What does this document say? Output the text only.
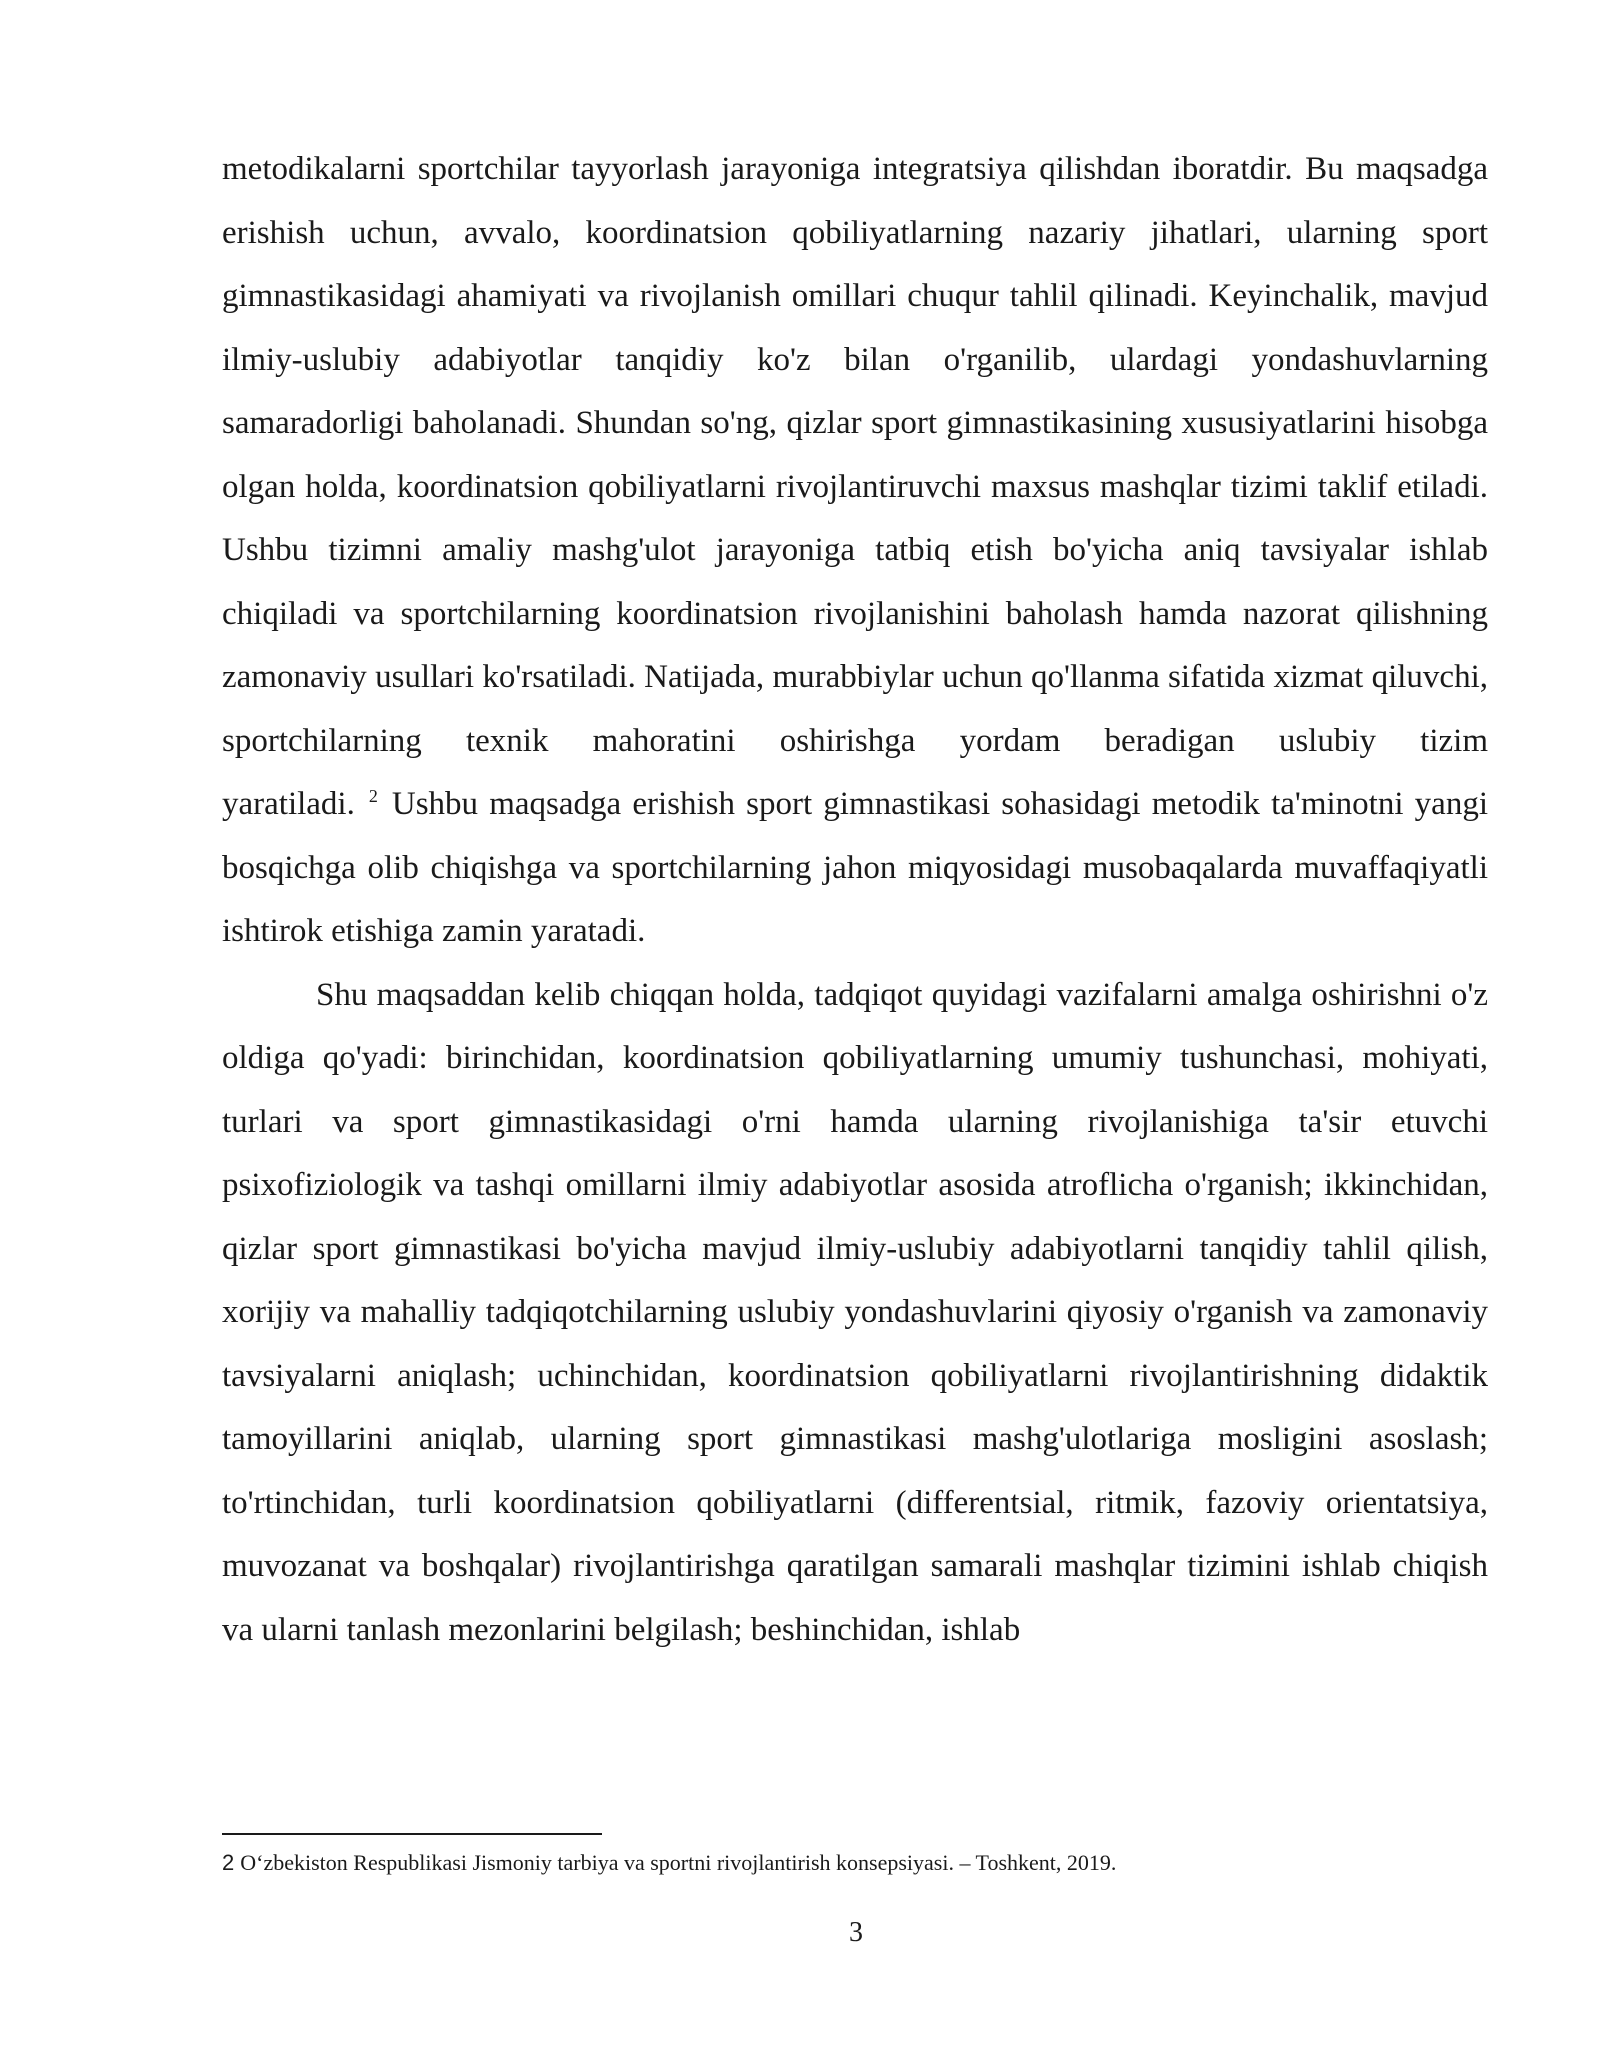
metodikalarni sportchilar tayyorlash jarayoniga integratsiya qilishdan iboratdir. Bu maqsadga erishish uchun, avvalo, koordinatsion qobiliyatlarning nazariy jihatlari, ularning sport gimnastikasidagi ahamiyati va rivojlanish omillari chuqur tahlil qilinadi. Keyinchalik, mavjud ilmiy-uslubiy adabiyotlar tanqidiy ko'z bilan o'rganilib, ulardagi yondashuvlarning samaradorligi baholanadi. Shundan so'ng, qizlar sport gimnastikasining xususiyatlarini hisobga olgan holda, koordinatsion qobiliyatlarni rivojlantiruvchi maxsus mashqlar tizimi taklif etiladi. Ushbu tizimni amaliy mashg'ulot jarayoniga tatbiq etish bo'yicha aniq tavsiyalar ishlab chiqiladi va sportchilarning koordinatsion rivojlanishini baholash hamda nazorat qilishning zamonaviy usullari ko'rsatiladi. Natijada, murabbiylar uchun qo'llanma sifatida xizmat qiluvchi, sportchilarning texnik mahoratini oshirishga yordam beradigan uslubiy tizim yaratiladi. $^2$ Ushbu maqsadga erishish sport gimnastikasi sohasidagi metodik ta'minotni yangi bosqichga olib chiqishga va sportchilarning jahon miqyosidagi musobaqalarda muvaffaqiyatli ishtirok etishiga zamin yaratadi.

Shu maqsaddan kelib chiqqan holda, tadqiqot quyidagi vazifalarni amalga oshirishni o'z oldiga qo'yadi: birinchidan, koordinatsion qobiliyatlarning umumiy tushunchasi, mohiyati, turlari va sport gimnastikasidagi o'rni hamda ularning rivojlanishiga ta'sir etuvchi psixofiziologik va tashqi omillarni ilmiy adabiyotlar asosida atroflicha o'rganish; ikkinchidan, qizlar sport gimnastikasi bo'yicha mavjud ilmiy-uslubiy adabiyotlarni tanqidiy tahlil qilish, xorijiy va mahalliy tadqiqotchilarning uslubiy yondashuvlarini qiyosiy o'rganish va zamonaviy tavsiyalarni aniqlash; uchinchidan, koordinatsion qobiliyatlarni rivojlantirishning didaktik tamoyillarini aniqlab, ularning sport gimnastikasi mashg'ulotlariga mosligini asoslash; to'rtinchidan, turli koordinatsion qobiliyatlarni (differentsial, ritmik, fazoviy orientatsiya, muvozanat va boshqalar) rivojlantirishga qaratilgan samarali mashqlar tizimini ishlab chiqish va ularni tanlash mezonlarini belgilash; beshinchidan, ishlab

2 O‘zbekiston Respublikasi Jismoniy tarbiya va sportni rivojlantirish konsepsiyasi. – Toshkent, 2019.
3
